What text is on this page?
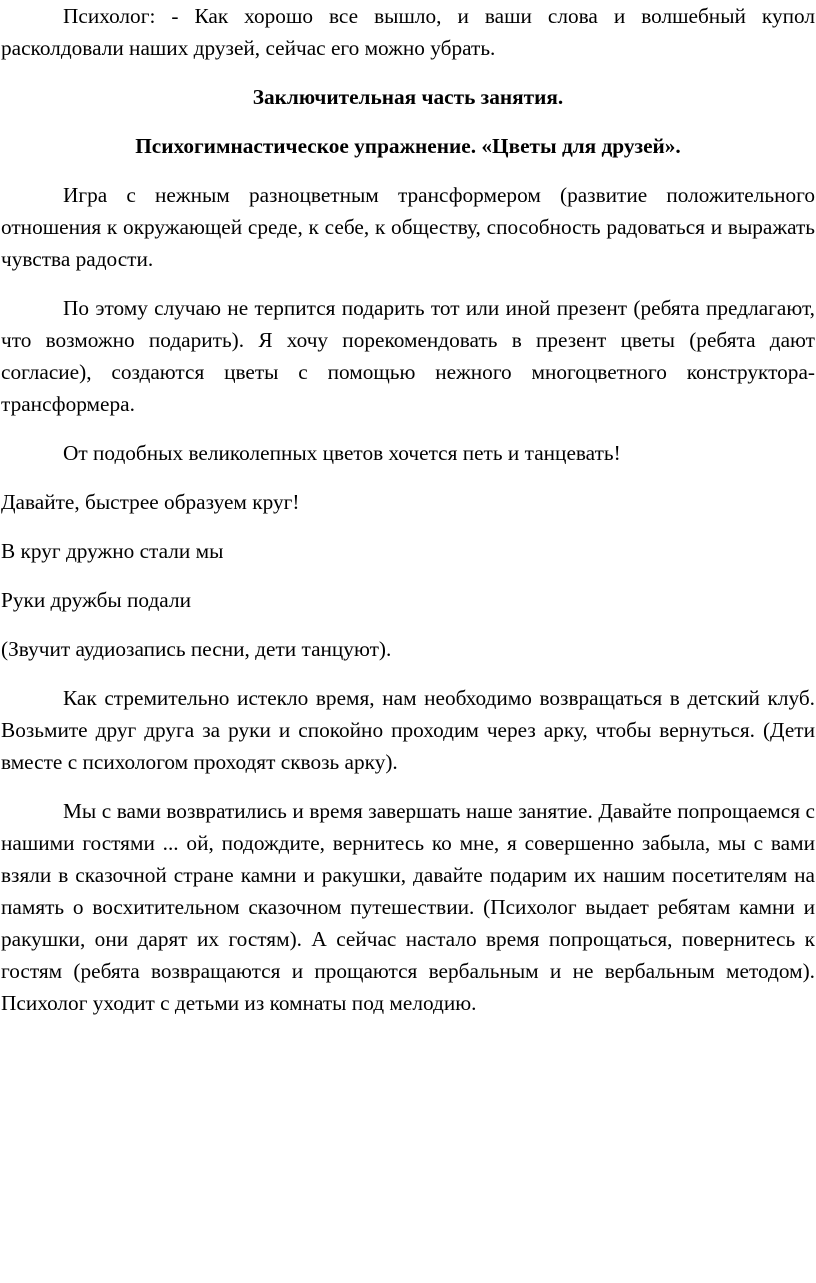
Психолог: - Как хорошо все вышло, и ваши слова и волшебный купол расколдовали наших друзей, сейчас его можно убрать.

Заключительная часть занятия.

Психогимнастическое упражнение. «Цветы для друзей».

Игра с нежным разноцветным трансформером (развитие положительного отношения к окружающей среде, к себе, к обществу, способность радоваться и выражать чувства радости.

По этому случаю не терпится подарить тот или иной презент (ребята предлагают, что возможно подарить). Я хочу порекомендовать в презент цветы (ребята дают согласие), создаются цветы с помощью нежного многоцветного конструктора-трансформера.

От подобных великолепных цветов хочется петь и танцевать!

Давайте, быстрее образуем круг!

В круг дружно стали мы

Руки дружбы подали

(Звучит аудиозапись песни, дети танцуют).

Как стремительно истекло время, нам необходимо возвращаться в детский клуб. Возьмите друг друга за руки и спокойно проходим через арку, чтобы вернуться. (Дети вместе с психологом проходят сквозь арку).

Мы с вами возвратились и время завершать наше занятие. Давайте попрощаемся с нашими гостями ... ой, подождите, вернитесь ко мне, я совершенно забыла, мы с вами взяли в сказочной стране камни и ракушки, давайте подарим их нашим посетителям на память о восхитительном сказочном путешествии. (Психолог выдает ребятам камни и ракушки, они дарят их гостям). А сейчас настало время попрощаться, повернитесь к гостям (ребята возвращаются и прощаются вербальным и не вербальным методом). Психолог уходит с детьми из комнаты под мелодию.
